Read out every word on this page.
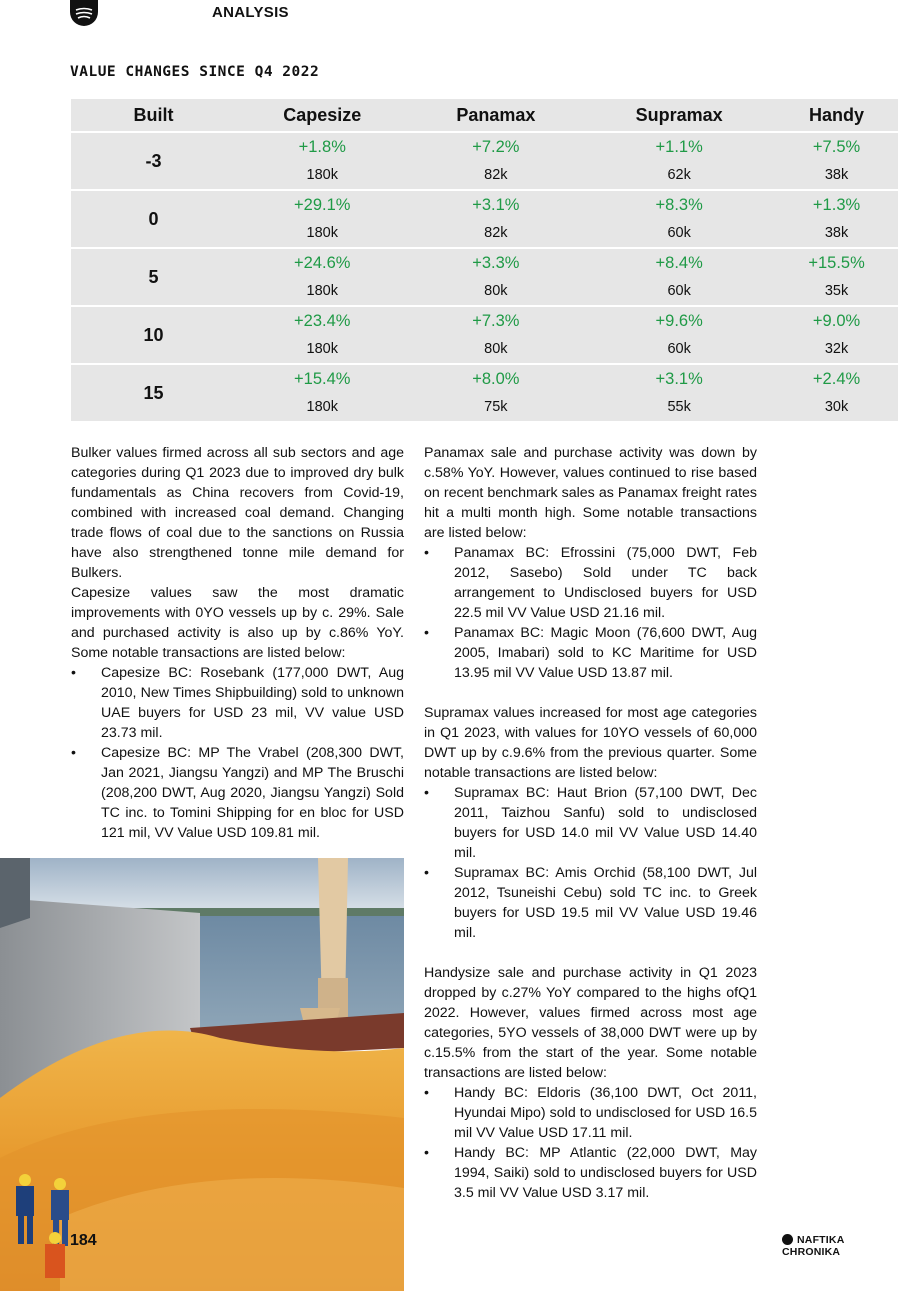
ANALYSIS
VALUE CHANGES SINCE Q4 2022
Built	Capesize	Panamax	Supramax	Handy
-3	+1.8%	+7.2%	+1.1%	+7.5%

	180k	82k	62k	38k

0	+29.1%	+3.1%	+8.3%	+1.3%

	180k	82k	60k	38k

5	+24.6%	+3.3%	+8.4%	+15.5%

	180k	80k	60k	35k

10	+23.4%	+7.3%	+9.6%	+9.0%

	180k	80k	60k	32k

15	+15.4%	+8.0%	+3.1%	+2.4%

	180k	75k	55k	30k

Bulker values firmed across all sub sectors and age categories during Q1 2023 due to improved dry bulk fundamentals as China recovers from Covid-19, combined with increased coal demand. Changing trade flows of coal due to the sanctions on Russia have also strengthened tonne mile demand for Bulkers.

Capesize values saw the most dramatic improvements with 0YO vessels up by c. 29%. Sale and purchased activity is also up by c.86% YoY. Some notable transactions are listed below:

• Capesize BC: Rosebank (177,000 DWT, Aug 2010, New Times Shipbuilding) sold to unknown UAE buyers for USD 23 mil, VV value USD 23.73 mil.
• Capesize BC: MP The Vrabel (208,300 DWT, Jan 2021, Jiangsu Yangzi) and MP The Bruschi (208,200 DWT, Aug 2020, Jiangsu Yangzi) Sold TC inc. to Tomini Shipping for en bloc for USD 121 mil, VV Value USD 109.81 mil.

Panamax sale and purchase activity was down by c.58% YoY. However, values continued to rise based on recent benchmark sales as Panamax freight rates hit a multi month high. Some notable transactions are listed below:

• Panamax BC: Efrossini (75,000 DWT, Feb 2012, Sasebo) Sold under TC back arrangement to Undisclosed buyers for USD 22.5 mil VV Value USD 21.16 mil.
• Panamax BC: Magic Moon (76,600 DWT, Aug 2005, Imabari) sold to KC Maritime for USD 13.95 mil VV Value USD 13.87 mil.

Supramax values increased for most age categories in Q1 2023, with values for 10YO vessels of 60,000 DWT up by c.9.6% from the previous quarter. Some notable transactions are listed below:

• Supramax BC: Haut Brion (57,100 DWT, Dec 2011, Taizhou Sanfu) sold to undisclosed buyers for USD 14.0 mil VV Value USD 14.40 mil.
• Supramax BC: Amis Orchid (58,100 DWT, Jul 2012, Tsuneishi Cebu) sold TC inc. to Greek buyers for USD 19.5 mil VV Value USD 19.46 mil.

Handysize sale and purchase activity in Q1 2023 dropped by c.27% YoY compared to the highs ofQ1 2022. However, values firmed across most age categories, 5YO vessels of 38,000 DWT were up by c.15.5% from the start of the year. Some notable transactions are listed below:

• Handy BC: Eldoris (36,100 DWT, Oct 2011, Hyundai Mipo) sold to undisclosed for USD 16.5 mil VV Value USD 17.11 mil.
• Handy BC: MP Atlantic (22,000 DWT, May 1994, Saiki) sold to undisclosed buyers for USD 3.5 mil VV Value USD 3.17 mil.
184	NAFTIKA CHRONIKA
